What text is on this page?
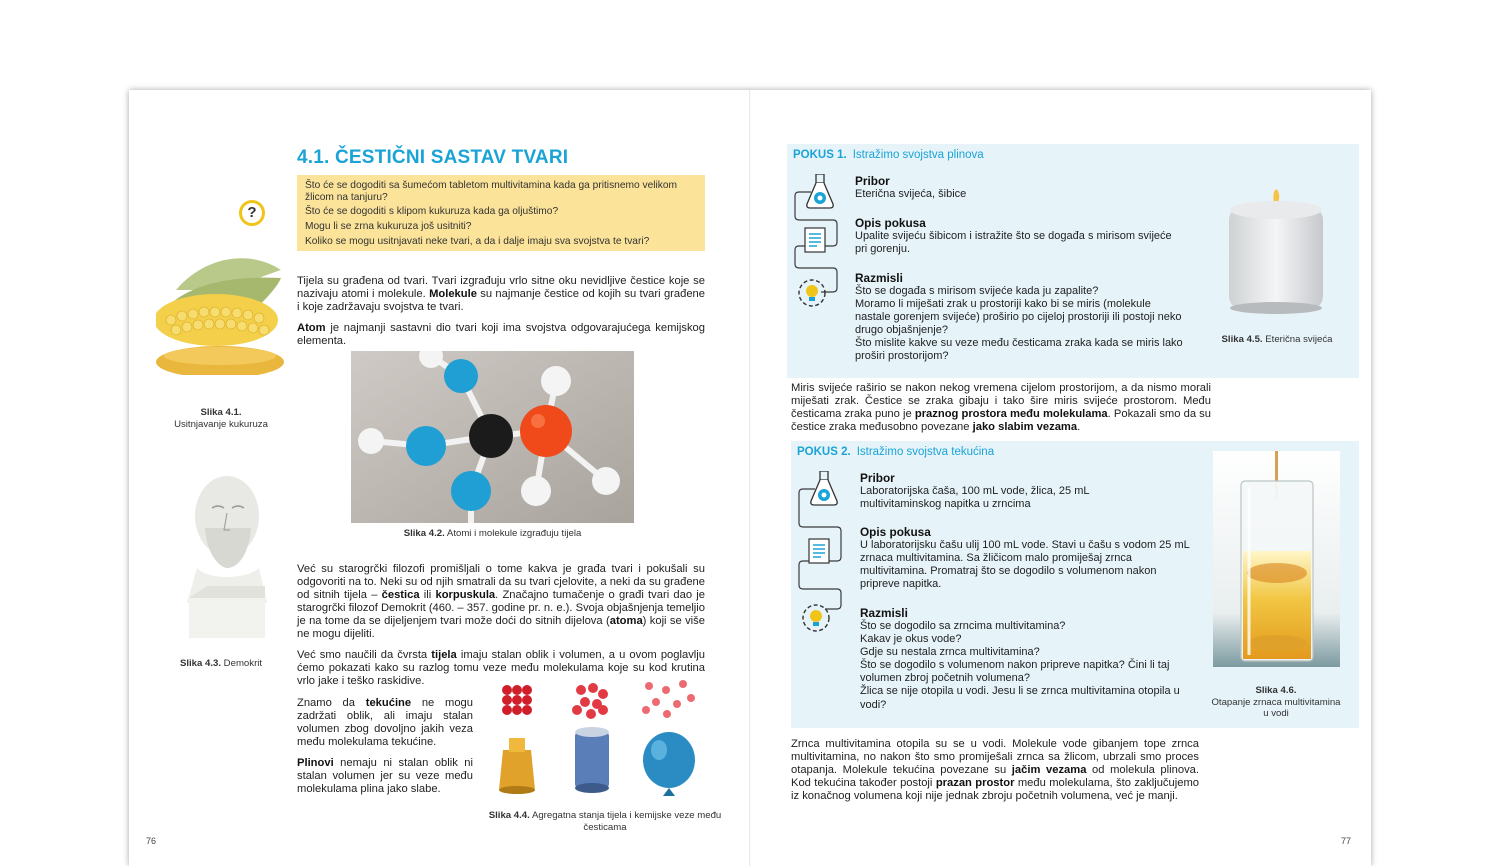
4.1. ČESTIČNI SASTAV TVARI
?
Što će se dogoditi sa šumećom tabletom multivitamina kada ga pritisnemo velikom žlicom na tanjuru?
Što će se dogoditi s klipom kukuruza kada ga oljuštimo?
Mogu li se zrna kukuruza još usitniti?
Koliko se mogu usitnjavati neke tvari, a da i dalje imaju sva svojstva te tvari?
Slika 4.1.
Usitnjavanje kukuruza
Slika 4.3. Demokrit
Tijela su građena od tvari. Tvari izgrađuju vrlo sitne oku nevidljive čestice koje se nazivaju atomi i molekule. Molekule su najmanje čestice od kojih su tvari građene i koje zadržavaju svojstva te tvari.
Atom je najmanji sastavni dio tvari koji ima svojstva odgovarajućega kemijskog elementa.
Slika 4.2. Atomi i molekule izgrađuju tijela
Već su starogrčki filozofi promišljali o tome kakva je građa tvari i pokušali su odgovoriti na to. Neki su od njih smatrali da su tvari cjelovite, a neki da su građene od sitnih tijela – čestica ili korpuskula. Značajno tumačenje o građi tvari dao je starogrčki filozof Demokrit (460. – 357. godine pr. n. e.). Svoja objašnjenja temeljio je na tome da se dijeljenjem tvari može doći do sitnih dijelova (atoma) koji se više ne mogu dijeliti.
Već smo naučili da čvrsta tijela imaju stalan oblik i volumen, a u ovom poglavlju ćemo pokazati kako su razlog tomu veze među molekulama koje su kod krutina vrlo jake i teško raskidive.
Znamo da tekućine ne mogu zadržati oblik, ali imaju stalan volumen zbog dovoljno jakih veza među molekulama tekućine.
Plinovi nemaju ni stalan oblik ni stalan volumen jer su veze među molekulama plina jako slabe.
Slika 4.4. Agregatna stanja tijela i kemijske veze među česticama
76
POKUS 1. Istražimo svojstva plinova
Pribor
Eterična svijeća, šibice
Opis pokusa
Upalite svijeću šibicom i istražite što se događa s mirisom svijeće pri gorenju.
Razmisli
Što se događa s mirisom svijeće kada ju zapalite?
Moramo li miješati zrak u prostoriji kako bi se miris (molekule nastale gorenjem svijeće) proširio po cijeloj prostoriji ili postoji neko drugo objašnjenje?
Što mislite kakve su veze među česticama zraka kada se miris lako proširi prostorijom?
Slika 4.5. Eterična svijeća
Miris svijeće raširio se nakon nekog vremena cijelom prostorijom, a da nismo morali miješati zrak. Čestice se zraka gibaju i tako šire miris svijeće prostorom. Među česticama zraka puno je praznog prostora među molekulama. Pokazali smo da su čestice zraka međusobno povezane jako slabim vezama.
POKUS 2. Istražimo svojstva tekućina
Pribor
Laboratorijska čaša, 100 mL vode, žlica, 25 mL multivitaminskog napitka u zrncima
Opis pokusa
U laboratorijsku čašu ulij 100 mL vode. Stavi u čašu s vodom 25 mL zrnaca multivitamina. Sa žličicom malo promiješaj zrnca multivitamina. Promatraj što se dogodilo s volumenom nakon pripreve napitka.
Razmisli
Što se dogodilo sa zrncima multivitamina?
Kakav je okus vode?
Gdje su nestala zrnca multivitamina?
Što se dogodilo s volumenom nakon pripreve napitka? Čini li taj volumen zbroj početnih volumena?
Žlica se nije otopila u vodi. Jesu li se zrnca multivitamina otopila u vodi?
Slika 4.6.
Otapanje zrnaca multivitamina u vodi
Zrnca multivitamina otopila su se u vodi. Molekule vode gibanjem tope zrnca multivitamina, no nakon što smo promiješali zrnca sa žlicom, ubrzali smo proces otapanja. Molekule tekućina povezane su jačim vezama od molekula plinova. Kod tekućina također postoji prazan prostor među molekulama, što zaključujemo iz konačnog volumena koji nije jednak zbroju početnih volumena, već je manji.
77
